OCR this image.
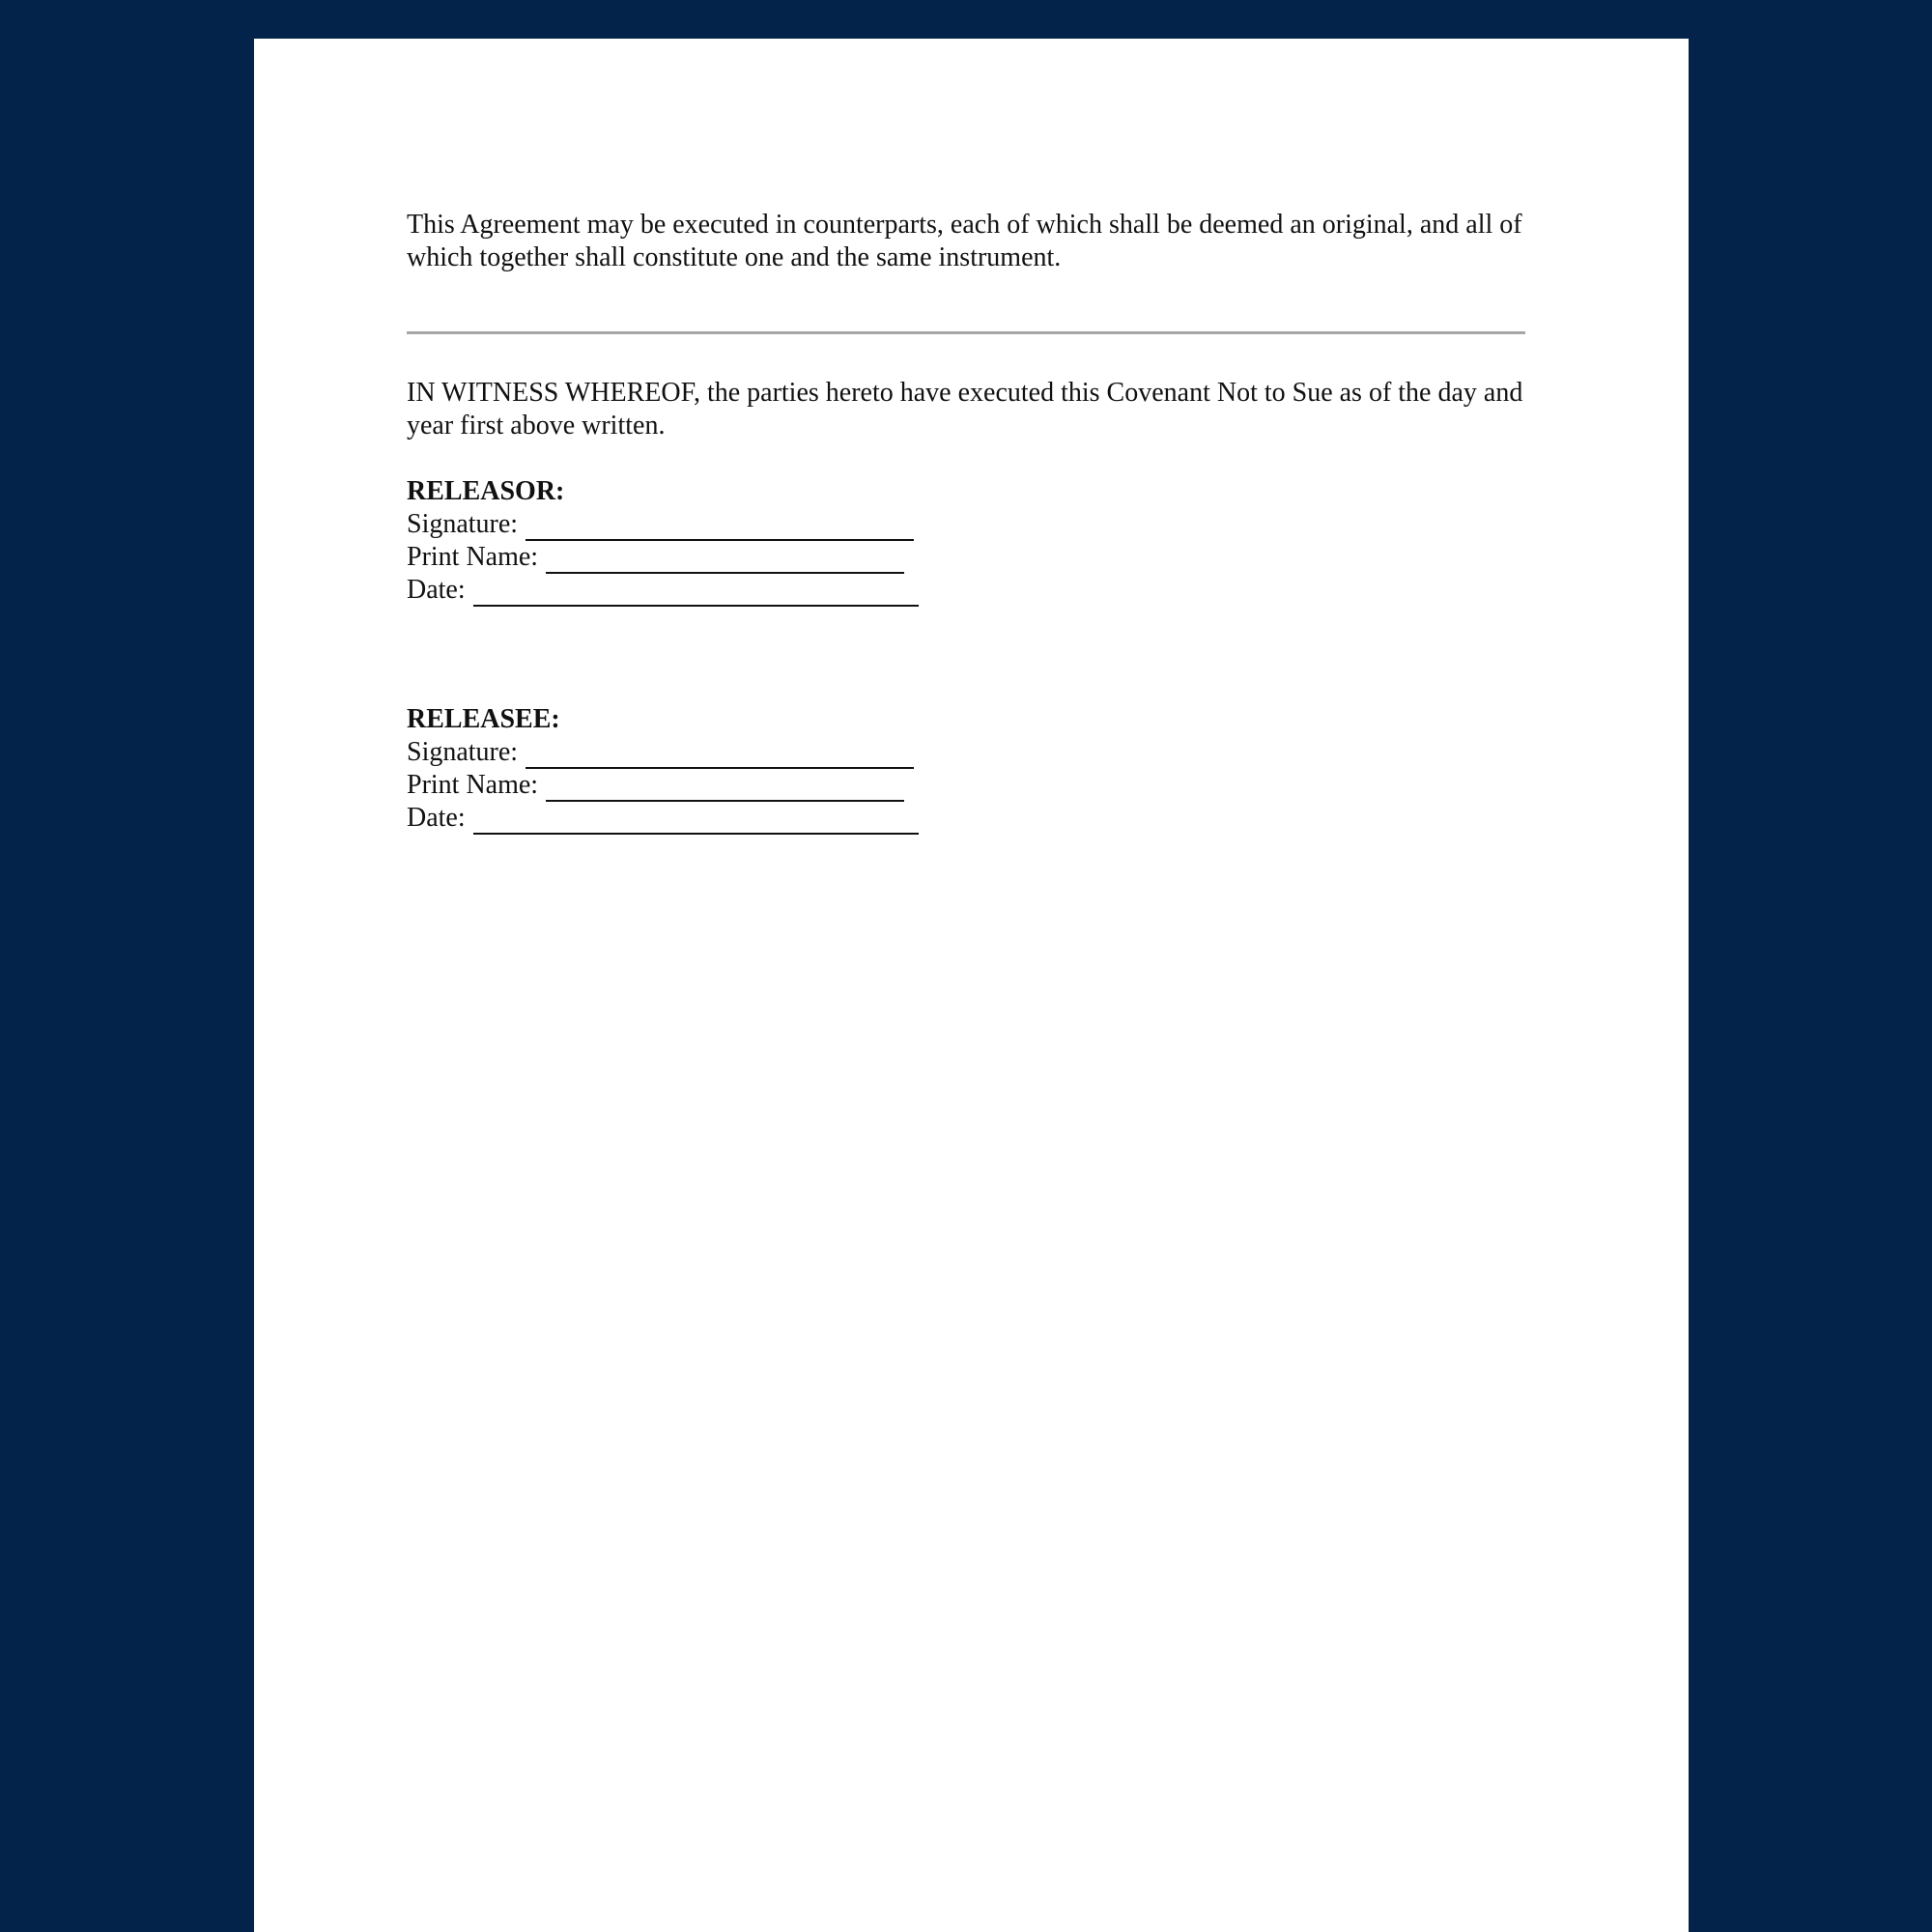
This Agreement may be executed in counterparts, each of which shall be deemed an original, and all of which together shall constitute one and the same instrument.

IN WITNESS WHEREOF, the parties hereto have executed this Covenant Not to Sue as of the day and year first above written.

RELEASOR:
Signature:
Print Name:
Date:
RELEASEE:
Signature:
Print Name:
Date:
